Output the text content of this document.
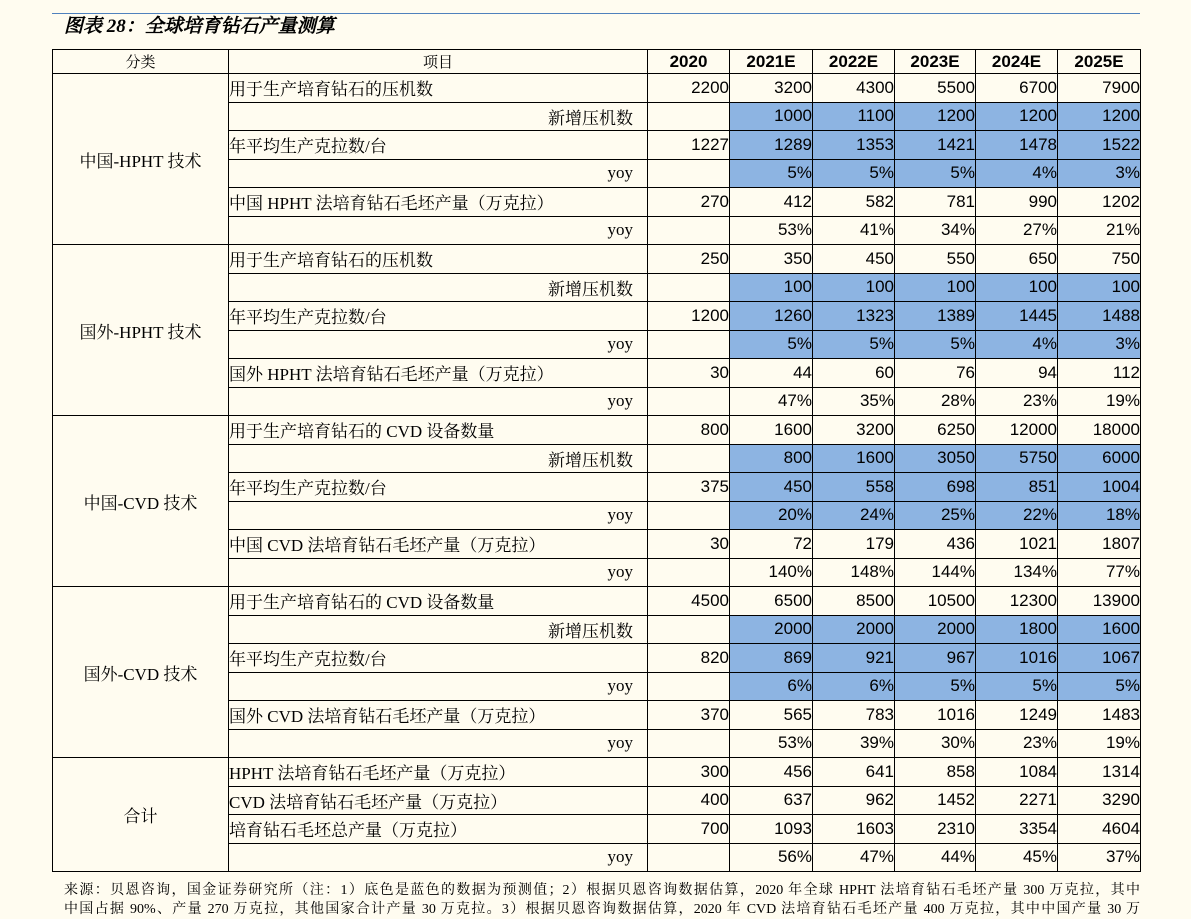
图表 28：全球培育钻石产量测算
分类	项目	2020	2021E	2022E	2023E	2024E	2025E
中国-HPHT 技术	用于生产培育钻石的压机数	2200	3200	4300	5500	6700	7900
	新增压机数		1000	1100	1200	1200	1200
	年平均生产克拉数/台	1227	1289	1353	1421	1478	1522
	yoy		5%	5%	5%	4%	3%
	中国 HPHT 法培育钻石毛坯产量（万克拉）	270	412	582	781	990	1202
	yoy		53%	41%	34%	27%	21%
国外-HPHT 技术	用于生产培育钻石的压机数	250	350	450	550	650	750
	新增压机数		100	100	100	100	100
	年平均生产克拉数/台	1200	1260	1323	1389	1445	1488
	yoy		5%	5%	5%	4%	3%
	国外 HPHT 法培育钻石毛坯产量（万克拉）	30	44	60	76	94	112
	yoy		47%	35%	28%	23%	19%
中国-CVD 技术	用于生产培育钻石的 CVD 设备数量	800	1600	3200	6250	12000	18000
	新增压机数		800	1600	3050	5750	6000
	年平均生产克拉数/台	375	450	558	698	851	1004
	yoy		20%	24%	25%	22%	18%
	中国 CVD 法培育钻石毛坯产量（万克拉）	30	72	179	436	1021	1807
	yoy		140%	148%	144%	134%	77%
国外-CVD 技术	用于生产培育钻石的 CVD 设备数量	4500	6500	8500	10500	12300	13900
	新增压机数		2000	2000	2000	1800	1600
	年平均生产克拉数/台	820	869	921	967	1016	1067
	yoy		6%	6%	5%	5%	5%
	国外 CVD 法培育钻石毛坯产量（万克拉）	370	565	783	1016	1249	1483
	yoy		53%	39%	30%	23%	19%
合计	HPHT 法培育钻石毛坯产量（万克拉）	300	456	641	858	1084	1314
	CVD 法培育钻石毛坯产量（万克拉）	400	637	962	1452	2271	3290
	培育钻石毛坯总产量（万克拉）	700	1093	1603	2310	3354	4604
	yoy		56%	47%	44%	45%	37%
来源：贝恩咨询，国金证券研究所（注：1）底色是蓝色的数据为预测值；2）根据贝恩咨询数据估算，2020 年全球 HPHT 法培育钻石毛坯产量 300 万克拉，其中
中国占据 90%、产量 270 万克拉，其他国家合计产量 30 万克拉。3）根据贝恩咨询数据估算，2020 年 CVD 法培育钻石毛坯产量 400 万克拉，其中中国产量 30 万
